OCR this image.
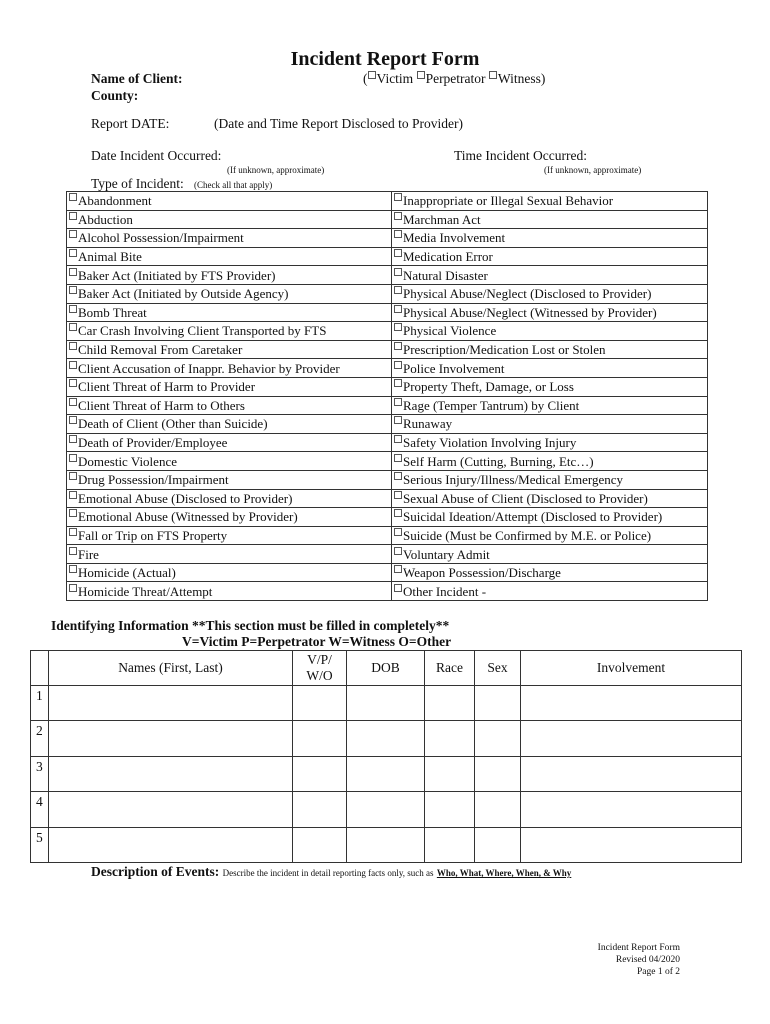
Incident Report Form
Name of Client:
County:
( Victim Perpetrator Witness)
Report DATE:	(Date and Time Report Disclosed to Provider)
Date Incident Occurred:
(If unknown, approximate)
Time Incident Occurred:
(If unknown, approximate)
Type of Incident: (Check all that apply)
Abandonment	Inappropriate or Illegal Sexual Behavior
Abduction	Marchman Act
Alcohol Possession/Impairment	Media Involvement
Animal Bite	Medication Error
Baker Act (Initiated by FTS Provider)	Natural Disaster
Baker Act (Initiated by Outside Agency)	Physical Abuse/Neglect (Disclosed to Provider)
Bomb Threat	Physical Abuse/Neglect (Witnessed by Provider)
Car Crash Involving Client Transported by FTS	Physical Violence
Child Removal From Caretaker	Prescription/Medication Lost or Stolen
Client Accusation of Inappr. Behavior by Provider	Police Involvement
Client Threat of Harm to Provider	Property Theft, Damage, or Loss
Client Threat of Harm to Others	Rage (Temper Tantrum) by Client
Death of Client (Other than Suicide)	Runaway
Death of Provider/Employee	Safety Violation Involving Injury
Domestic Violence	Self Harm (Cutting, Burning, Etc…)
Drug Possession/Impairment	Serious Injury/Illness/Medical Emergency
Emotional Abuse (Disclosed to Provider)	Sexual Abuse of Client (Disclosed to Provider)
Emotional Abuse (Witnessed by Provider)	Suicidal Ideation/Attempt (Disclosed to Provider)
Fall or Trip on FTS Property	Suicide (Must be Confirmed by M.E. or Police)
Fire	Voluntary Admit
Homicide (Actual)	Weapon Possession/Discharge
Homicide Threat/Attempt	Other Incident -
Identifying Information **This section must be filled in completely**
V=Victim P=Perpetrator W=Witness O=Other
	Names (First, Last)	V/P/ W/O	DOB	Race	Sex	Involvement
1						
2						
3						
4						
5						
Description of Events: Describe the incident in detail reporting facts only, such as Who, What, Where, When, & Why
Incident Report Form
Revised 04/2020
Page 1 of 2
